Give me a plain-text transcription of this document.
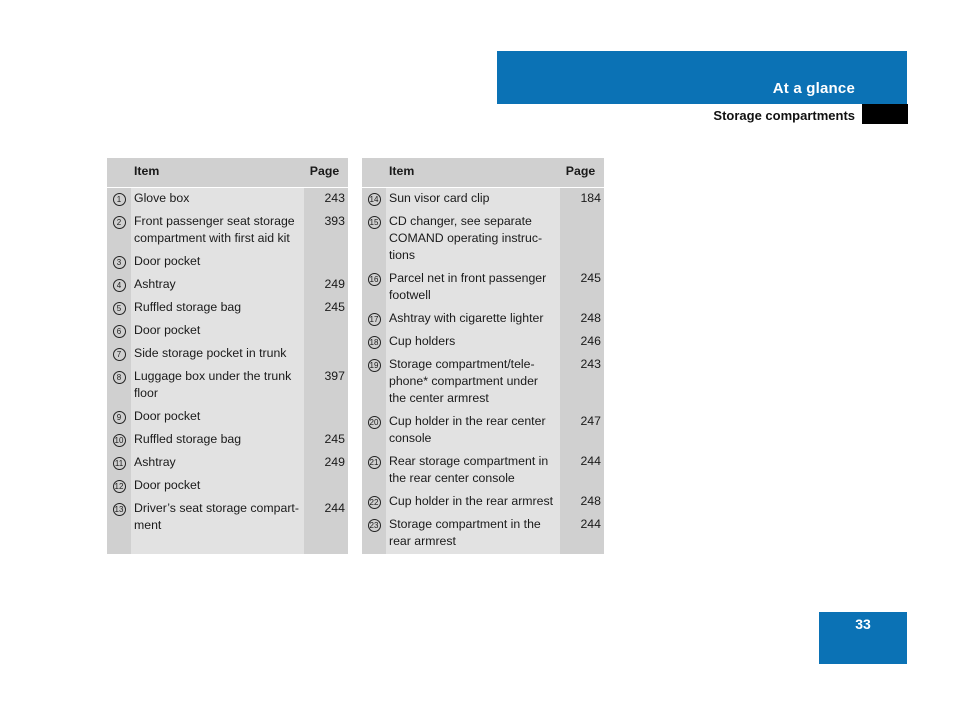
At a glance
Storage compartments
	Item	Page
1	Glove box	243
2	Front passenger seat storage compartment with first aid kit	393
3	Door pocket	
4	Ashtray	249
5	Ruffled storage bag	245
6	Door pocket	
7	Side storage pocket in trunk	
8	Luggage box under the trunk floor	397
9	Door pocket	
10	Ruffled storage bag	245
11	Ashtray	249
12	Door pocket	
13	Driver’s seat storage compart-ment	244

	Item	Page
14	Sun visor card clip	184
15	CD changer, see separate COMAND operating instruc-tions	
16	Parcel net in front passenger footwell	245
17	Ashtray with cigarette lighter	248
18	Cup holders	246
19	Storage compartment/tele-phone* compartment under the center armrest	243
20	Cup holder in the rear center console	247
21	Rear storage compartment in the rear center console	244
22	Cup holder in the rear armrest	248
23	Storage compartment in the rear armrest	244
33
